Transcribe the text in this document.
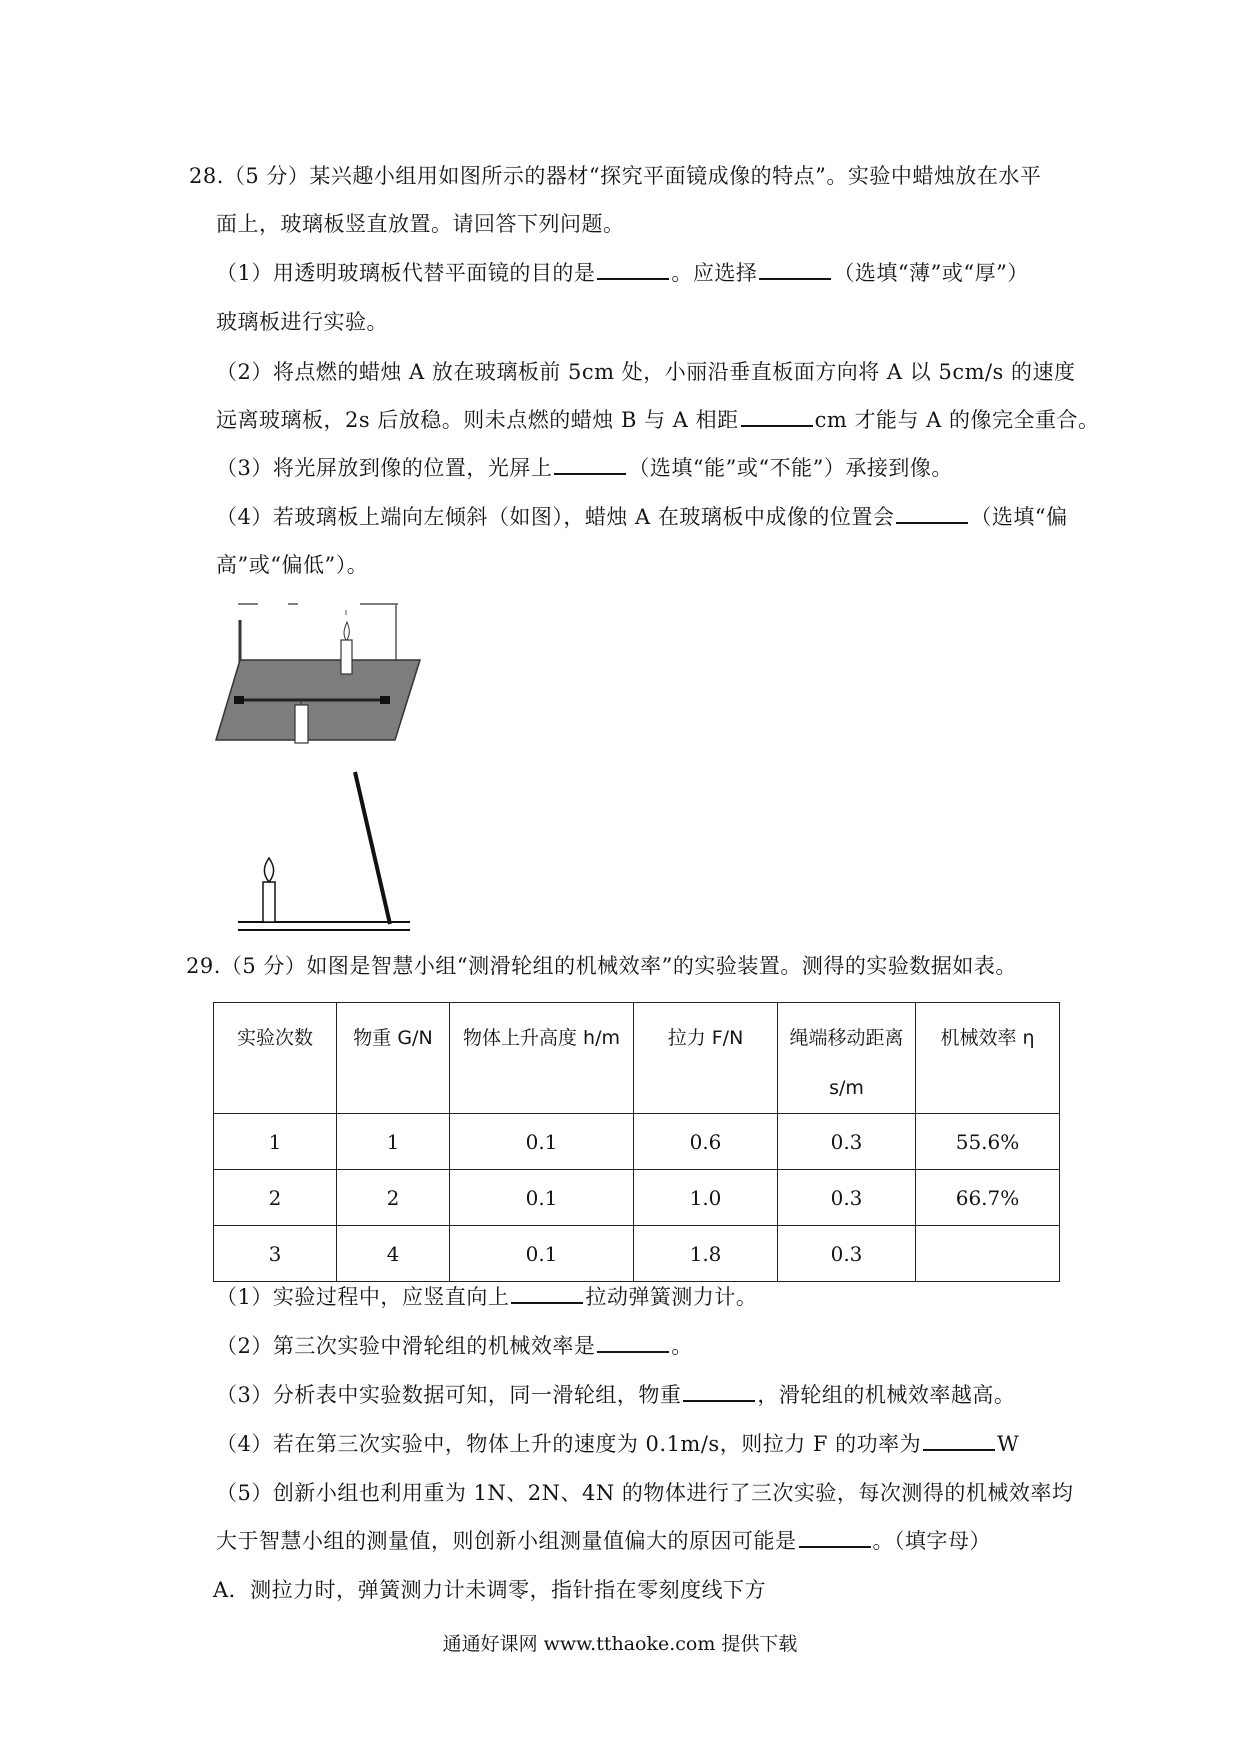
28.（5 分）某兴趣小组用如图所示的器材“探究平面镜成像的特点”。实验中蜡烛放在水平
面上，玻璃板竖直放置。请回答下列问题。
（1）用透明玻璃板代替平面镜的目的是	。应选择	（选填“薄”或“厚”）
玻璃板进行实验。
（2）将点燃的蜡烛 A 放在玻璃板前 5cm 处，小丽沿垂直板面方向将 A 以 5cm/s 的速度
远离玻璃板，2s 后放稳。则未点燃的蜡烛 B 与 A 相距	cm 才能与 A 的像完全重合。
（3）将光屏放到像的位置，光屏上	（选填“能”或“不能”）承接到像。
（4）若玻璃板上端向左倾斜（如图），蜡烛 A 在玻璃板中成像的位置会	（选填“偏
高”或“偏低”）。
29.（5 分）如图是智慧小组“测滑轮组的机械效率”的实验装置。测得的实验数据如表。
实验次数	物重 G/N	物体上升高度 h/m	拉力 F/N	绳端移动距离 s/m	机械效率 η
1	1	0.1	0.6	0.3	55.6%
2	2	0.1	1.0	0.3	66.7%
3	4	0.1	1.8	0.3	
（1）实验过程中，应竖直向上	拉动弹簧测力计。
（2）第三次实验中滑轮组的机械效率是	。
（3）分析表中实验数据可知，同一滑轮组，物重	，滑轮组的机械效率越高。
（4）若在第三次实验中，物体上升的速度为 0.1m/s，则拉力 F 的功率为	W
（5）创新小组也利用重为 1N、2N、4N 的物体进行了三次实验，每次测得的机械效率均
大于智慧小组的测量值，则创新小组测量值偏大的原因可能是	。（填字母）
A．测拉力时，弹簧测力计未调零，指针指在零刻度线下方
通通好课网 www.tthaoke.com 提供下载
